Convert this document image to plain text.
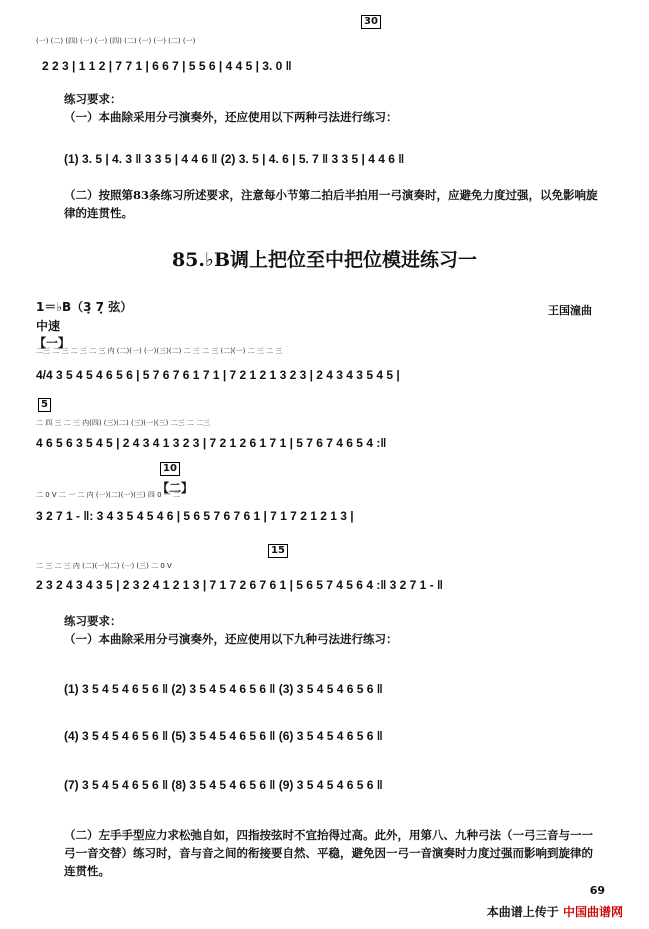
30
(一) (二) (四) (一) (一) (四) (二) (一) (一) (二) (一)
2 2 3 | 1 1 2 | 7 7 1 | 6 6 7 | 5 5 6 | 4 4 5 | 3. 0 ‖
练习要求：
（一）本曲除采用分弓演奏外，还应使用以下两种弓法进行练习：
(1) 3. 5 | 4. 3 ‖ 3 3 5 | 4 4 6 ‖ (2) 3. 5 | 4. 6 | 5. 7 ‖ 3 3 5 | 4 4 6 ‖
（二）按照第83条练习所述要求，注意每小节第二拍后半拍用一弓演奏时，应避免力度过强，以免影响旋律的连贯性。
85.♭B调上把位至中把位模进练习一
1＝♭B（3̣ 7̣ 弦）	王国潼曲
中速
【一】
二三 二 三 二 三 二 三 内 (二)(一) (一)(三)(二) 二 三 二 三 (二)(一) 二 三 二 三
4/4 3 5 4 5 4 6 5 6 | 5 7 6 7 6 1 7 1 | 7 2 1 2 1 3 2 3 | 2 4 3 4 3 5 4 5 |
5
二 四 三 二 三 内(四) (三)(二) (三)(一)(三) 二三 二 二三
4 6 5 6 3 5 4 5 | 2 4 3 4 1 3 2 3 | 7 2 1 2 6 1 7 1 | 5 7 6 7 4 6 5 4 :‖
10
【二】
二 0 V 二 一 二 内 (一)(二)(一)(三) 四 0 一 二
3 2 7 1 - ‖: 3 4 3 5 4 5 4 6 | 5 6 5 7 6 7 6 1 | 7 1 7 2 1 2 1 3 |
15
二 三 二 三 内 (二)(一)(二) (一) (三) 二 0 V
2 3 2 4 3 4 3 5 | 2 3 2 4 1 2 1 3 | 7 1 7 2 6 7 6 1 | 5 6 5 7 4 5 6 4 :‖ 3 2 7 1 - ‖
练习要求：
（一）本曲除采用分弓演奏外，还应使用以下九种弓法进行练习：
(1) 3 5 4 5 4 6 5 6 ‖ (2) 3 5 4 5 4 6 5 6 ‖ (3) 3 5 4 5 4 6 5 6 ‖
(4) 3 5 4 5 4 6 5 6 ‖ (5) 3 5 4 5 4 6 5 6 ‖ (6) 3 5 4 5 4 6 5 6 ‖
(7) 3 5 4 5 4 6 5 6 ‖ (8) 3 5 4 5 4 6 5 6 ‖ (9) 3 5 4 5 4 6 5 6 ‖
（二）左手手型应力求松弛自如，四指按弦时不宜抬得过高。此外，用第八、九种弓法（一弓三音与一一弓一音交替）练习时，音与音之间的衔接要自然、平稳，避免因一弓一音演奏时力度过强而影响到旋律的连贯性。
69
本曲谱上传于 中国曲谱网
